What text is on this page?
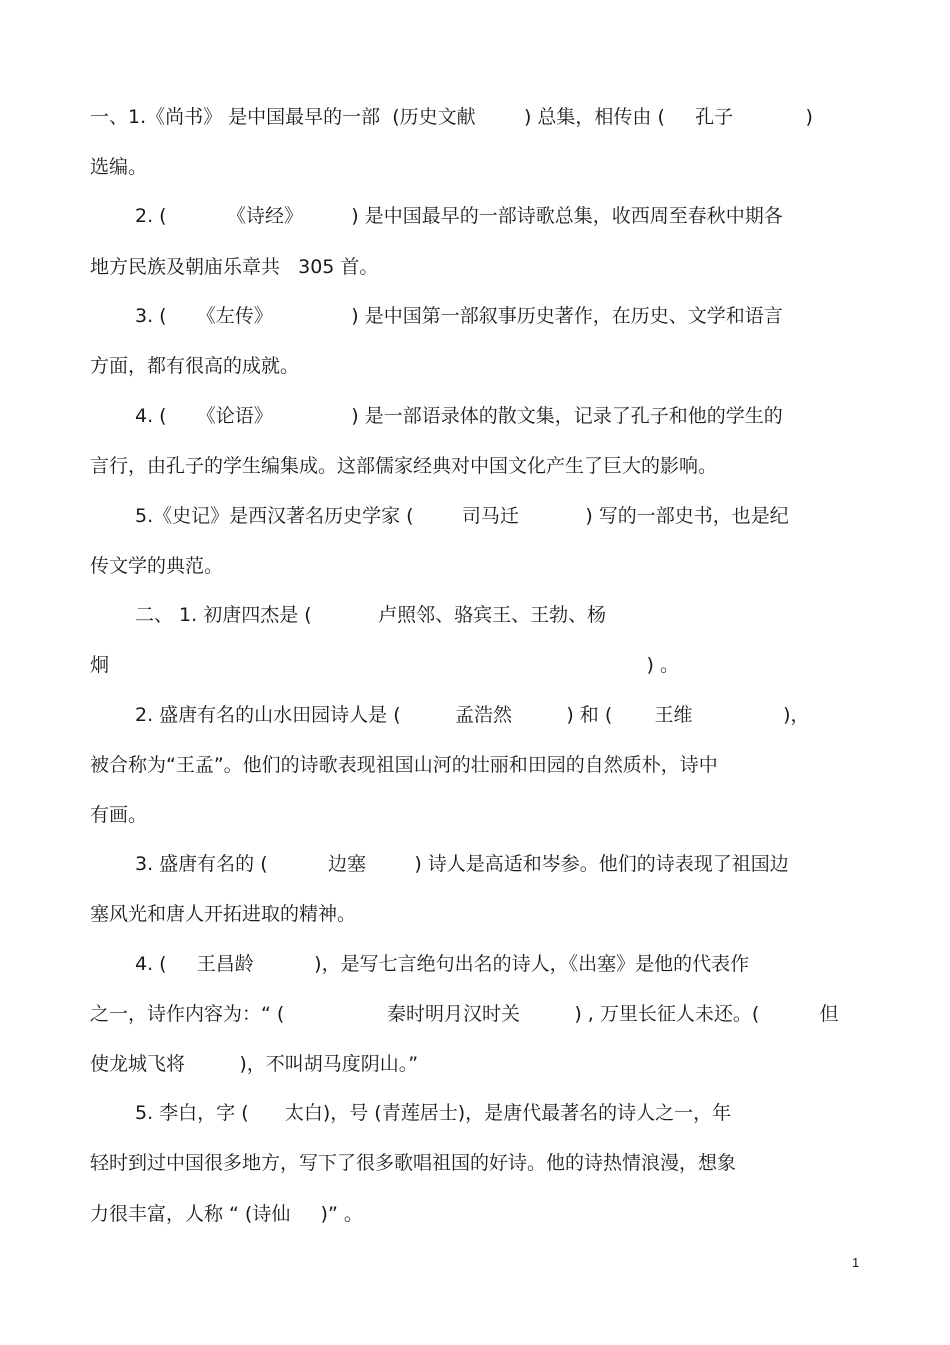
一、1.《尚书》 是中国最早的一部  (历史文献        ) 总集，相传由 (     孔子            )
选编。
2. (          《诗经》        ) 是中国最早的一部诗歌总集，收西周至春秋中期各
地方民族及朝庙乐章共   305 首。
3. (     《左传》             ) 是中国第一部叙事历史著作，在历史、文学和语言
方面，都有很高的成就。
4. (     《论语》             ) 是一部语录体的散文集，记录了孔子和他的学生的
言行，由孔子的学生编集成。这部儒家经典对中国文化产生了巨大的影响。
5.《史记》是西汉著名历史学家 (        司马迁           ) 写的一部史书，也是纪
传文学的典范。
二、 1. 初唐四杰是 (           卢照邻、骆宾王、王勃、杨
炯                                                                                         ) 。
2. 盛唐有名的山水田园诗人是 (         孟浩然         ) 和 (       王维               )，
被合称为“王孟”。他们的诗歌表现祖国山河的壮丽和田园的自然质朴，诗中
有画。
3. 盛唐有名的 (          边塞        ) 诗人是高适和岑参。他们的诗表现了祖国边
塞风光和唐人开拓进取的精神。
4. (     王昌龄          )，是写七言绝句出名的诗人，《出塞》是他的代表作
之一，诗作内容为：“ (                 秦时明月汉时关         ) , 万里长征人未还。(          但
使龙城飞将         )，不叫胡马度阴山。”
5. 李白，字 (      太白)，号 (青莲居士)，是唐代最著名的诗人之一，年
轻时到过中国很多地方，写下了很多歌唱祖国的好诗。他的诗热情浪漫，想象
力很丰富，人称 “ (诗仙     )” 。
1
